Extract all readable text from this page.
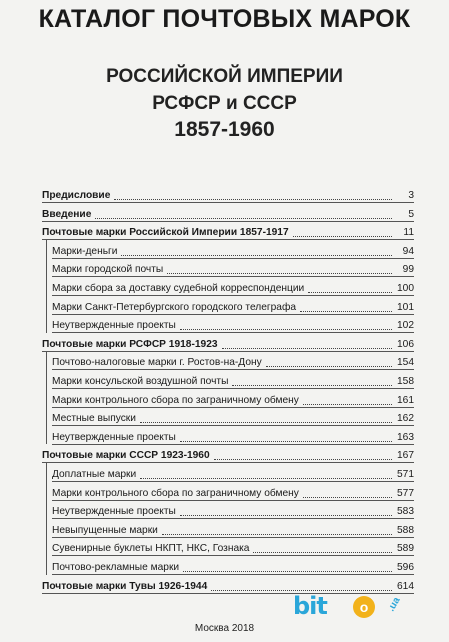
КАТАЛОГ ПОЧТОВЫХ МАРОК
РОССИЙСКОЙ ИМПЕРИИ
РСФСР и СССР
1857-1960
Предисловие	3
Введение	5
Почтовые марки Российской Империи 1857-1917	11
Марки-деньги	94
Марки городской почты	99
Марки сбора за доставку судебной корреспонденции	100
Марки Санкт-Петербургского городского телеграфа	101
Неутвержденные проекты	102
Почтовые марки РСФСР 1918-1923	106
Почтово-налоговые марки г. Ростов-на-Дону	154
Марки консульской воздушной почты	158
Марки контрольного сбора по заграничному обмену	161
Местные выпуски	162
Неутвержденные проекты	163
Почтовые марки СССР 1923-1960	167
Доплатные марки	571
Марки контрольного сбора по заграничному обмену	577
Неутвержденные проекты	583
Невыпущенные марки	588
Сувенирные буклеты НКПТ, НКС, Гознака	589
Почтово-рекламные марки	596
Почтовые марки Тувы 1926-1944	614
Москва 2018
bit	o	.ua
